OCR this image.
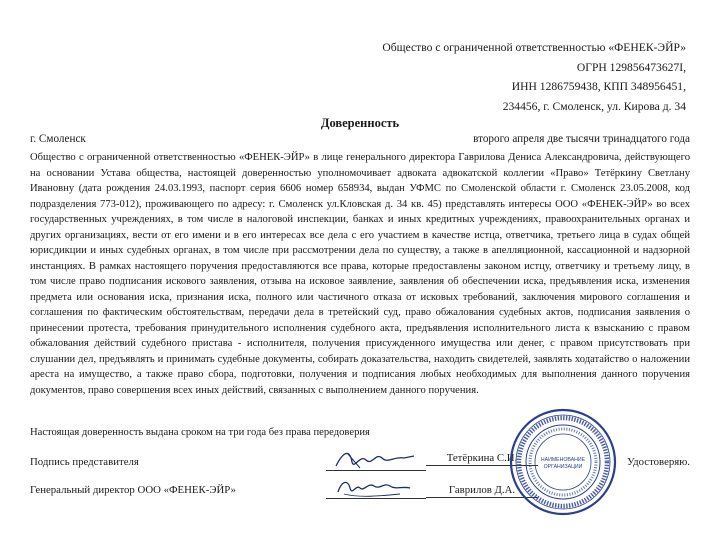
Общество с ограниченной ответственностью «ФЕНЕК-ЭЙР»
ОГРН 129856473627I,
ИНН 1286759438, КПП 348956451,
234456, г. Смоленск, ул. Кирова д. 34
Доверенность
г. Смоленск	второго апреля две тысячи тринадцатого года
Общество с ограниченной ответственностью «ФЕНЕК-ЭЙР» в лице генерального директора Гаврилова Дениса Александровича, действующего на основании Устава общества, настоящей доверенностью уполномочивает адвоката адвокатской коллегии «Право» Тетёркину Светлану Ивановну (дата рождения 24.03.1993, паспорт серия 6606 номер 658934, выдан УФМС по Смоленской области г. Смоленск 23.05.2008, код подразделения 773-012), проживающего по адресу: г. Смоленск ул.Кловская д. 34 кв. 45) представлять интересы ООО «ФЕНЕК-ЭЙР» во всех государственных учреждениях, в том числе в налоговой инспекции, банках и иных кредитных учреждениях, правоохранительных органах и других организациях, вести от его имени и в его интересах все дела с его участием в качестве истца, ответчика, третьего лица в судах общей юрисдикции и иных судебных органах, в том числе при рассмотрении дела по существу, а также в апелляционной, кассационной и надзорной инстанциях. В рамках настоящего поручения предоставляются все права, которые предоставлены законом истцу, ответчику и третьему лицу, в том числе право подписания искового заявления, отзыва на исковое заявление, заявления об обеспечении иска, предъявления иска, изменения предмета или основания иска, признания иска, полного или частичного отказа от исковых требований, заключения мирового соглашения и соглашения по фактическим обстоятельствам, передачи дела в третейский суд, право обжалования судебных актов, подписания заявления о принесении протеста, требования принудительного исполнения судебного акта, предъявления исполнительного листа к взысканию с правом обжалования действий судебного пристава - исполнителя, получения присужденного имущества или денег, с правом присутствовать при слушании дел, предъявлять и принимать судебные документы, собирать доказательства, находить свидетелей, заявлять ходатайство о наложении ареста на имущество, а также право сбора, подготовки, получения и подписания любых необходимых для выполнения данного поручения документов, право совершения всех иных действий, связанных с выполнением данного поручения.
Настоящая доверенность выдана сроком на три года без права передоверия
Подпись представителя	Тетёркина С.И.	Удостоверяю.
Генеральный директор ООО «ФЕНЕК-ЭЙР»	Гаврилов Д.А.
НАИМЕНОВАНИЕ
ОРГАНИЗАЦИИ
